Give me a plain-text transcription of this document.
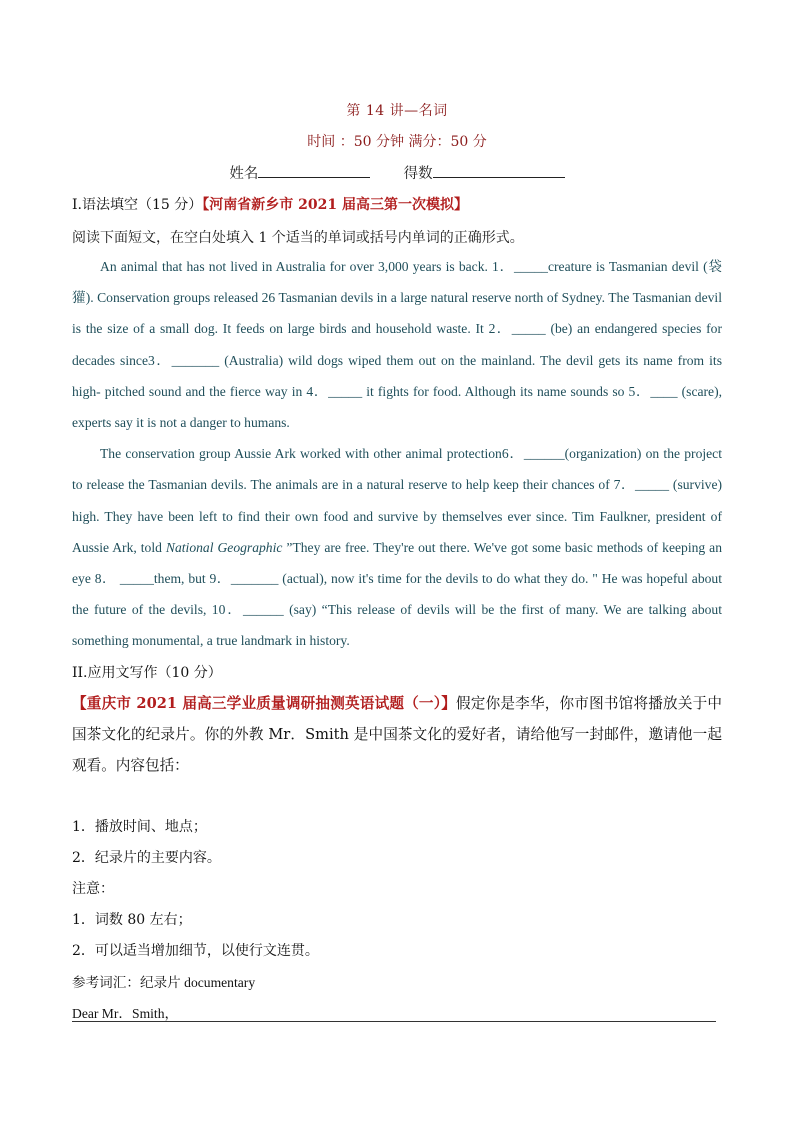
第 14 讲—名词
时间 ：50 分钟 满分：50 分
姓名	得数
I.语法填空（15 分）【河南省新乡市 2021 届高三第一次模拟】
阅读下面短文，在空白处填入 1 个适当的单词或括号内单词的正确形式。

An animal that has not lived in Australia for over 3,000 years is back. 1．_____creature is Tasmanian devil (袋獾). Conservation groups released 26 Tasmanian devils in a large natural reserve north of Sydney. The Tasmanian devil is the size of a small dog. It feeds on large birds and household waste. It 2．_____ (be) an endangered species for decades since3．_______ (Australia) wild dogs wiped them out on the mainland. The devil gets its name from its high- pitched sound and the fierce way in 4．_____ it fights for food. Although its name sounds so 5．____ (scare), experts say it is not a danger to humans.

The conservation group Aussie Ark worked with other animal protection6．______(organization) on the project to release the Tasmanian devils. The animals are in a natural reserve to help keep their chances of 7．_____ (survive) high. They have been left to find their own food and survive by themselves ever since. Tim Faulkner, president of Aussie Ark, told National Geographic ”They are free. They're out there. We've got some basic methods of keeping an eye 8． _____them, but 9．_______ (actual), now it's time for the devils to do what they do. " He was hopeful about the future of the devils, 10．______ (say) “This release of devils will be the first of many. We are talking about something monumental, a true landmark in history.

II.应用文写作（10 分）
【重庆市 2021 届高三学业质量调研抽测英语试题（一）】假定你是李华，你市图书馆将播放关于中国茶文化的纪录片。你的外教 Mr．Smith 是中国茶文化的爱好者，请给他写一封邮件，邀请他一起观看。内容包括：
1．播放时间、地点；
2．纪录片的主要内容。
注意：
1．词数 80 左右；
2．可以适当增加细节，以使行文连贯。
参考词汇：纪录片 documentary
Dear Mr．Smith，
